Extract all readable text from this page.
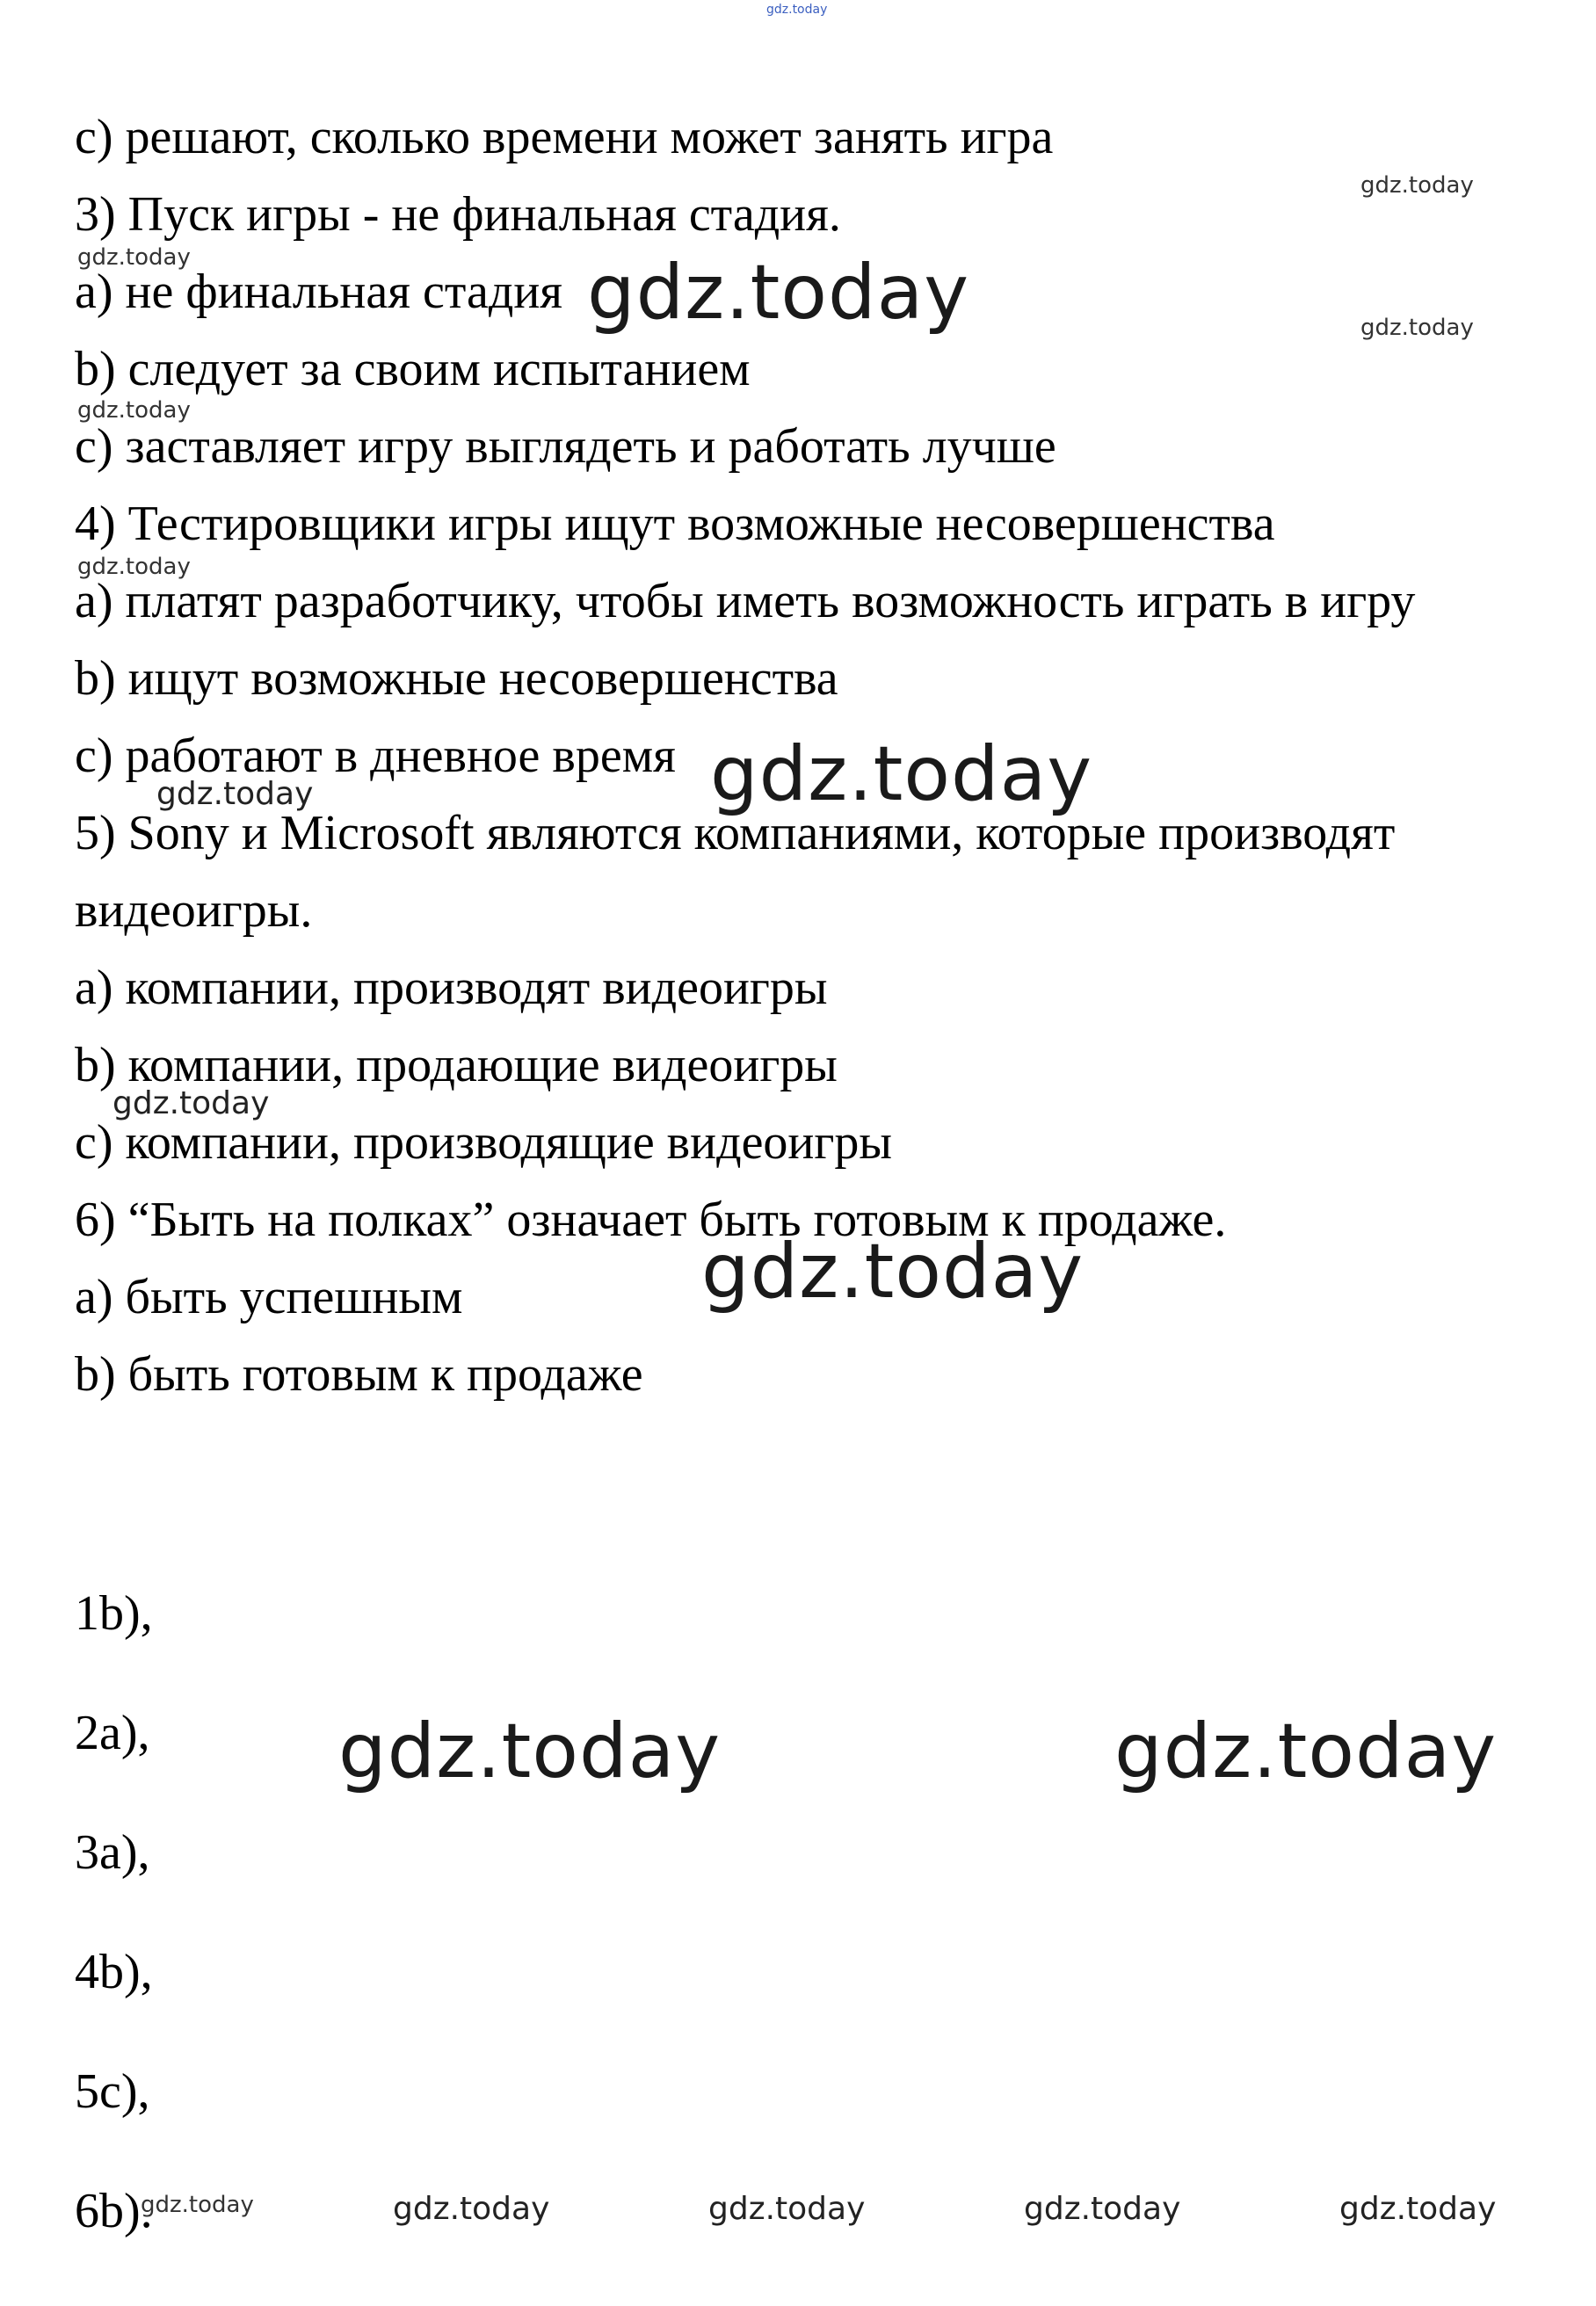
c) решают, сколько времени может занять игра
3) Пуск игры - не финальная стадия.
a) не финальная стадия
b) следует за своим испытанием
c) заставляет игру выглядеть и работать лучше
4) Тестировщики игры ищут возможные несовершенства
a) платят разработчику, чтобы иметь возможность играть в игру
b) ищут возможные несовершенства
c) работают в дневное время
5) Sony и Microsoft являются компаниями, которые производят
видеоигры.
a) компании, производят видеоигры
b) компании, продающие видеоигры
c) компании, производящие видеоигры
6) “Быть на полках” означает быть готовым к продаже.
a) быть успешным
b) быть готовым к продаже
1b),
2a),
3a),
4b),
5c),
6b).
gdz.today
gdz.today
gdz.today	gdz.today	gdz.today
gdz.today
gdz.today
gdz.today
gdz.today
gdz.today
gdz.today
gdz.today	gdz.today
gdz.today	gdz.today	gdz.today	gdz.today	gdz.today
